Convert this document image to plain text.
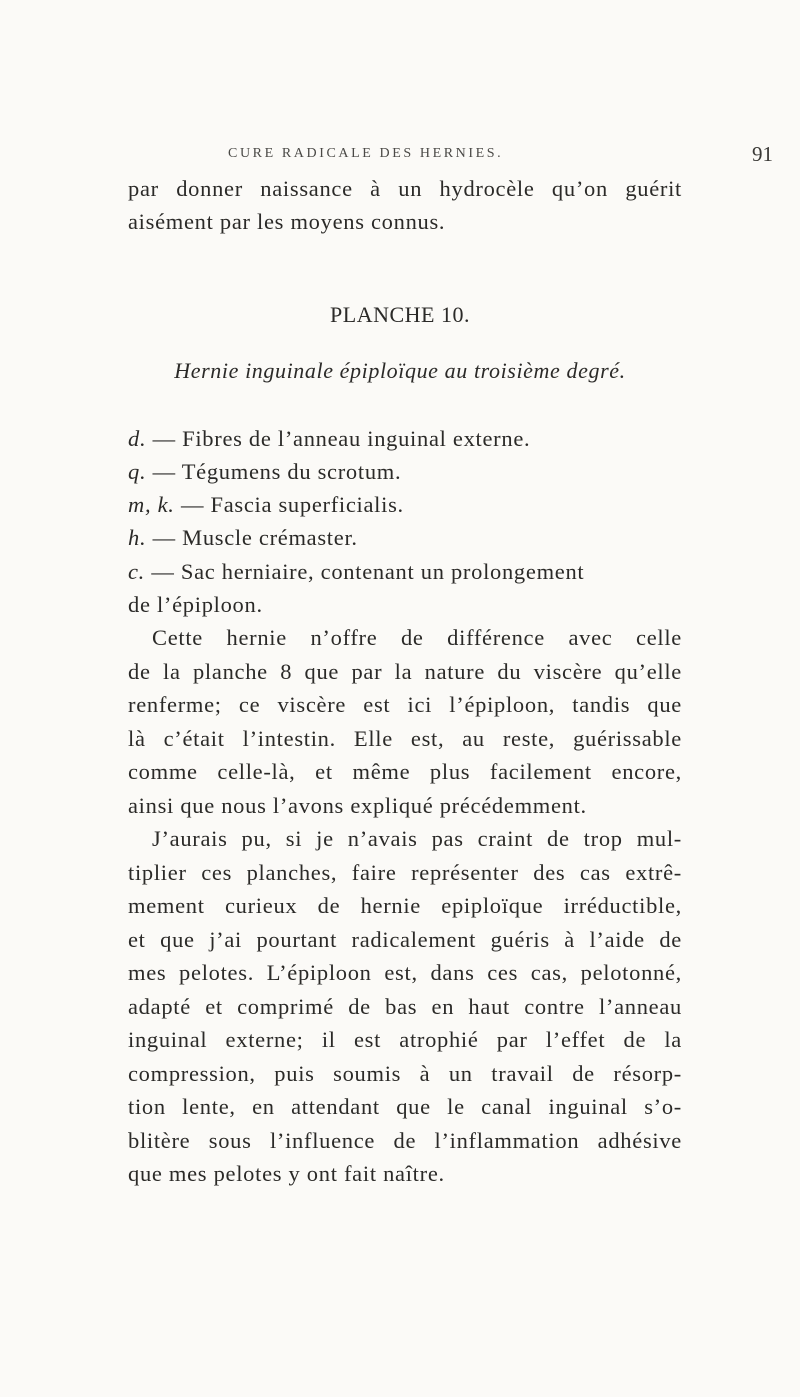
CURE RADICALE DES HERNIES.	91
par donner naissance à un hydrocèle qu’on guérit
aisément par les moyens connus.
PLANCHE 10.
Hernie inguinale épiploïque au troisième degré.
d. — Fibres de l’anneau inguinal externe.
q. — Tégumens du scrotum.
m, k. — Fascia superficialis.
h. — Muscle crémaster.
c. — Sac herniaire, contenant un prolongement
de l’épiploon.
Cette hernie n’offre de différence avec celle
de la planche 8 que par la nature du viscère qu’elle
renferme; ce viscère est ici l’épiploon, tandis que
là c’était l’intestin. Elle est, au reste, guérissable
comme celle-là, et même plus facilement encore,
ainsi que nous l’avons expliqué précédemment.
J’aurais pu, si je n’avais pas craint de trop mul-
tiplier ces planches, faire représenter des cas extrê-
mement curieux de hernie epiploïque irréductible,
et que j’ai pourtant radicalement guéris à l’aide de
mes pelotes. L’épiploon est, dans ces cas, pelotonné,
adapté et comprimé de bas en haut contre l’anneau
inguinal externe; il est atrophié par l’effet de la
compression, puis soumis à un travail de résorp-
tion lente, en attendant que le canal inguinal s’o-
blitère sous l’influence de l’inflammation adhésive
que mes pelotes y ont fait naître.
